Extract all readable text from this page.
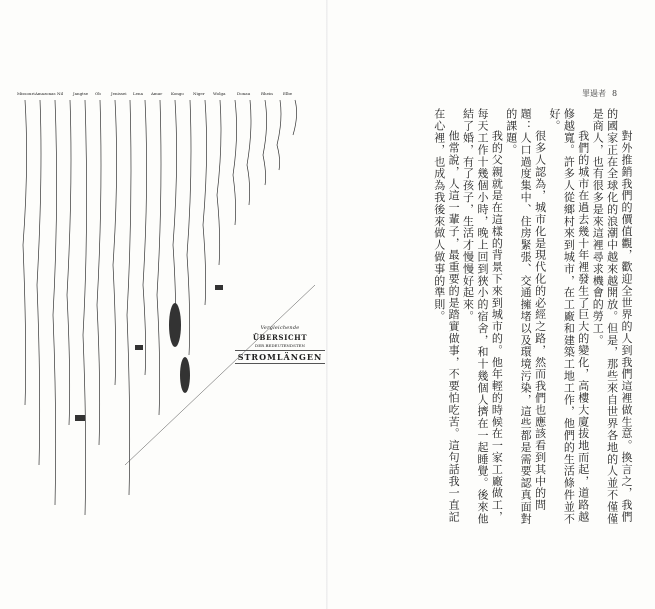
Missouri Amazonas Nil Jangtse Ob	Jenissei Lena Amur Kongo Niger Wolga	Donau	Rhein	Elbe
Vergleichende
ÜBERSICHT
DER BEDEUTENDSTEN
STROMLÄNGEN
罪過者 8

對外推銷我們的價值觀，歡迎全世界的人到我們這裡做生意。換言之，我們的國家正在全球化的浪潮中越來越開放。但是，那些來自世界各地的人並不僅僅是商人，也有很多是來這裡尋求機會的勞工。

我們的城市在過去幾十年裡發生了巨大的變化，高樓大廈拔地而起，道路越修越寬。許多人從鄉村來到城市，在工廠和建築工地工作，他們的生活條件並不好。

很多人認為，城市化是現代化的必經之路，然而我們也應該看到其中的問題：人口過度集中、住房緊張、交通擁堵以及環境污染，這些都是需要認真面對的課題。

我的父親就是在這樣的背景下來到城市的。他年輕的時候在一家工廠做工，每天工作十幾個小時，晚上回到狹小的宿舍，和十幾個人擠在一起睡覺。後來他結了婚，有了孩子，生活才慢慢好起來。

他常說，人這一輩子，最重要的是踏實做事，不要怕吃苦。這句話我一直記在心裡，也成為我後來做人做事的準則。
